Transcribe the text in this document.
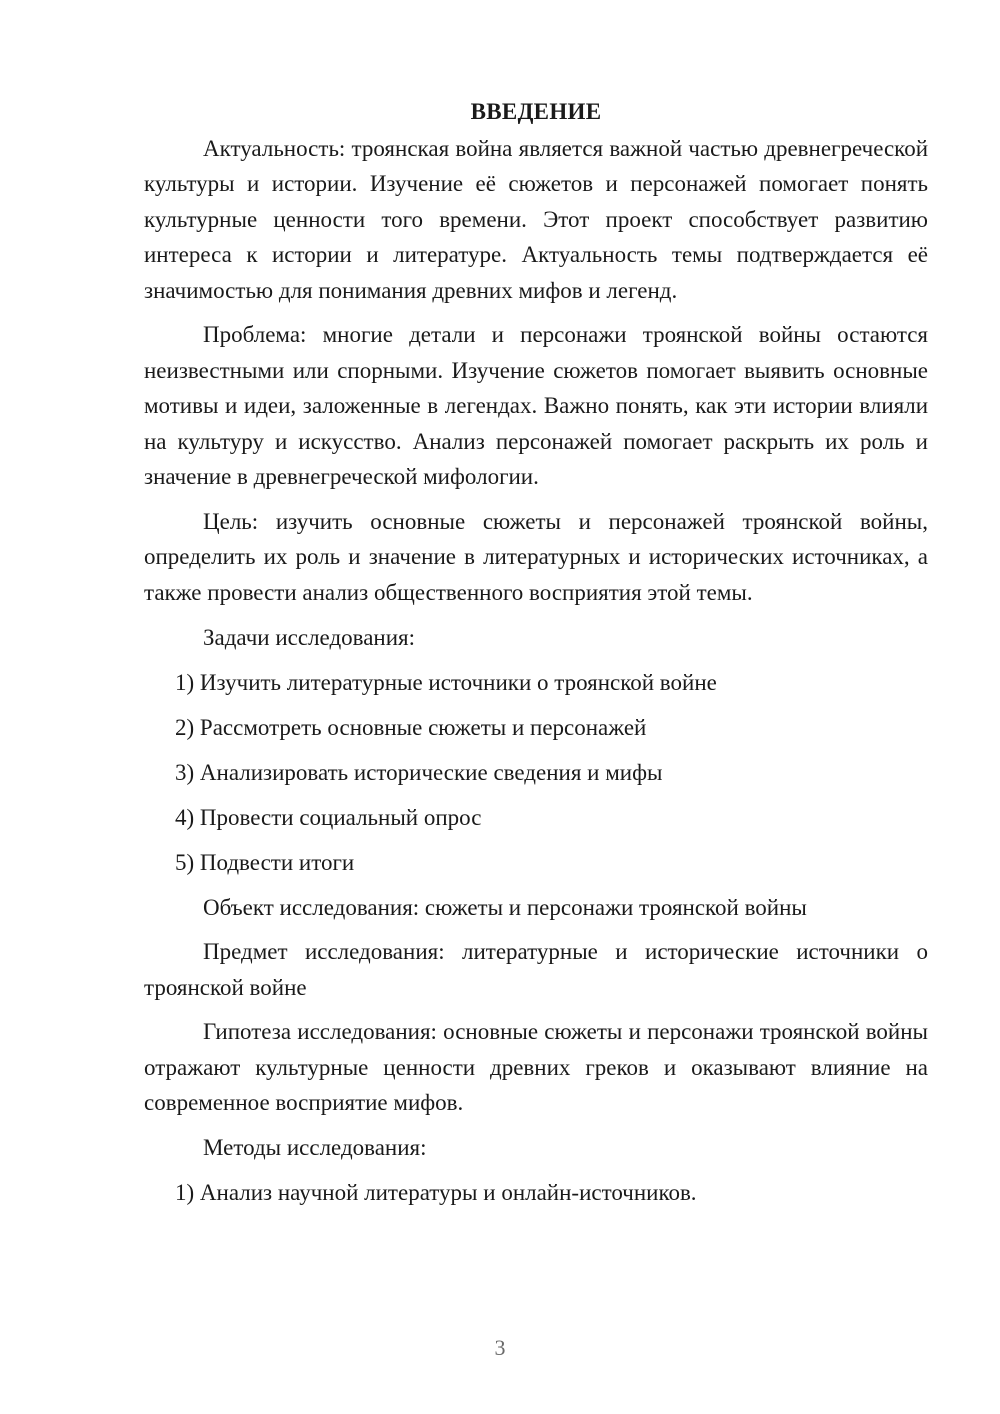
ВВЕДЕНИЕ

Актуальность: троянская война является важной частью древнегреческой культуры и истории. Изучение её сюжетов и персонажей помогает понять культурные ценности того времени. Этот проект способствует развитию интереса к истории и литературе. Актуальность темы подтверждается её значимостью для понимания древних мифов и легенд.

Проблема: многие детали и персонажи троянской войны остаются неизвестными или спорными. Изучение сюжетов помогает выявить основные мотивы и идеи, заложенные в легендах. Важно понять, как эти истории влияли на культуру и искусство. Анализ персонажей помогает раскрыть их роль и значение в древнегреческой мифологии.

Цель: изучить основные сюжеты и персонажей троянской войны, определить их роль и значение в литературных и исторических источниках, а также провести анализ общественного восприятия этой темы.

Задачи исследования:

1) Изучить литературные источники о троянской войне

2) Рассмотреть основные сюжеты и персонажей

3) Анализировать исторические сведения и мифы

4) Провести социальный опрос

5) Подвести итоги

Объект исследования: сюжеты и персонажи троянской войны

Предмет исследования: литературные и исторические источники о троянской войне

Гипотеза исследования: основные сюжеты и персонажи троянской войны отражают культурные ценности древних греков и оказывают влияние на современное восприятие мифов.

Методы исследования:

1) Анализ научной литературы и онлайн-источников.

3
